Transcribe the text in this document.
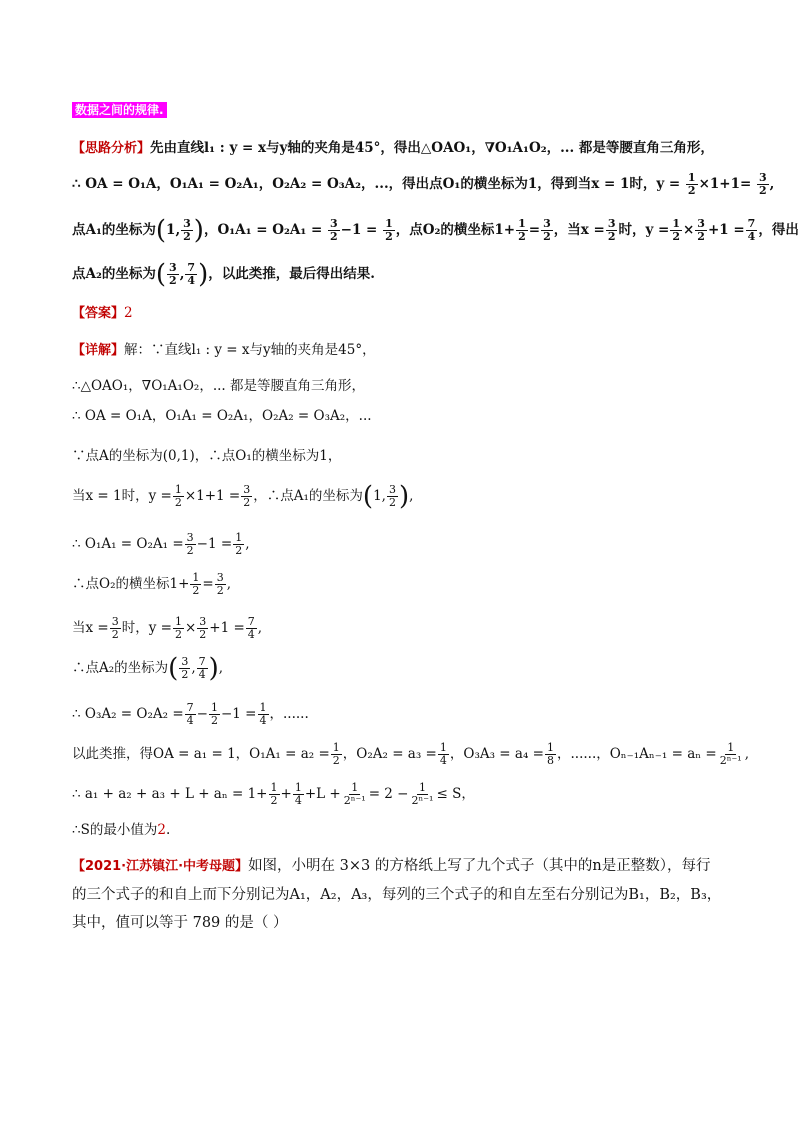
数据之间的规律.
【思路分析】先由直线l₁ : y = x与y轴的夹角是45°，得出△OAO₁，∇O₁A₁O₂，... 都是等腰直角三角形，
∴ OA = O₁A，O₁A₁ = O₂A₁，O₂A₂ = O₃A₂，...，得出点O₁的横坐标为1，得到当x = 1时，$y = \frac{1}{2} \times 1+1= \frac{3}{2}$ ,
点A₁的坐标为(1, $\frac{3}{2}$ )，$O_1A_1 = O_2A_1 = \frac{3}{2} -1 = \frac{1}{2}$ ，点O₂的横坐标$1+ \frac{1}{2} = \frac{3}{2}$ ，当$x = \frac{3}{2}$ 时，$y = \frac{1}{2} \times \frac{3}{2} +1 = \frac{7}{4}$ ，得出
点A₂的坐标为( $\frac{3}{2}$ , $\frac{7}{4}$ )，以此类推，最后得出结果.
【答案】2
【详解】解：∵直线l₁ : y = x与y轴的夹角是45°，
∴△OAO₁，∇O₁A₁O₂，... 都是等腰直角三角形，
∴ OA = O₁A，O₁A₁ = O₂A₁，O₂A₂ = O₃A₂，...
∵点A的坐标为(0,1)，∴点O₁的横坐标为1，
当x = 1时，$y = \frac{1}{2} \times 1+1 = \frac{3}{2}$ ，∴点A₁的坐标为(1, $\frac{3}{2}$ ),
∴ $O_1A_1 = O_2A_1 = \frac{3}{2} -1 = \frac{1}{2}$ ,
∴点O₂的横坐标$1+ \frac{1}{2} = \frac{3}{2}$ ,
当$x = \frac{3}{2}$ 时，$y = \frac{1}{2} \times \frac{3}{2} +1 = \frac{7}{4}$ ,
∴点A₂的坐标为( $\frac{3}{2}$ , $\frac{7}{4}$ ),
∴ $O_3A_2 = O_2A_2 = \frac{7}{4} - \frac{1}{2} -1 = \frac{1}{4}$ ，......
以此类推，得OA = a₁ = 1，$O_1A_1 = a_2 = \frac{1}{2}$ ，$O_2A_2 = a_3 = \frac{1}{4}$ ，$O_3A_3 = a_4 = \frac{1}{8}$ ，......，$O_{n-1}A_{n-1} = a_n = \frac{1}{\text{2ⁿ⁻¹}}$ ,
∴ $a_1 + a_2 + a_3 + L + a_n = 1+ \frac{1}{2} + \frac{1}{4} +L + \frac{1}{\text{2ⁿ⁻¹}} = 2 - \frac{1}{\text{2ⁿ⁻¹}} \le S$，
∴S的最小值为2.
【2021·江苏镇江·中考母题】如图，小明在 3×3 的方格纸上写了九个式子（其中的n是正整数），每行的三个式子的和自上而下分别记为A₁，A₂，A₃，每列的三个式子的和自左至右分别记为B₁，B₂，B₃，其中，值可以等于 789 的是（ ）
